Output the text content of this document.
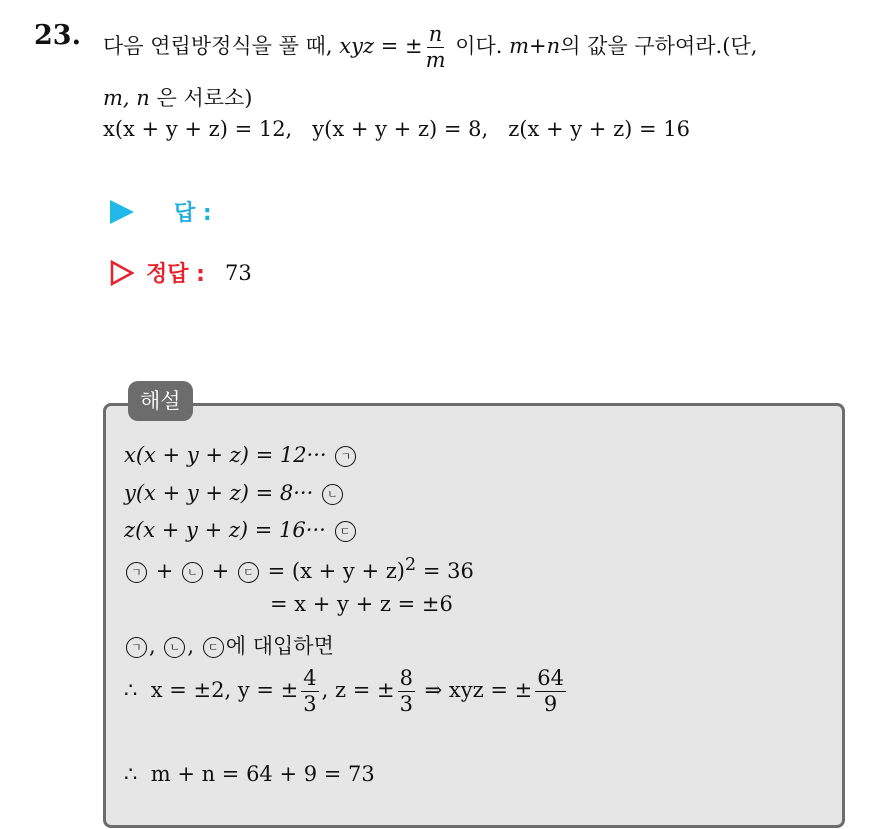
23. 다음 연립방정식을 풀 때, xyz = ± $\frac{n}{m}$ 이다. m+n의 값을 구하여라.(단,
m, n 은 서로소)
x(x + y + z) = 12, y(x + y + z) = 8, z(x + y + z) = 16
답 :
정답 :	73
해설
x(x + y + z) = 12··· ㄱ
y(x + y + z) = 8··· ㄴ
z(x + y + z) = 16··· ㄷ
ㄱ + ㄴ + ㄷ = $(x + y + z)^2 = 36$
= x + y + z = ±6
ㄱ , ㄴ , ㄷ 에 대입하면
∴ x = ±2, y = ± $\frac{4}{3}$ , z = ± $\frac{8}{3}$ ⇒ xyz = ± $\frac{64}{9}$
∴ m + n = 64 + 9 = 73
